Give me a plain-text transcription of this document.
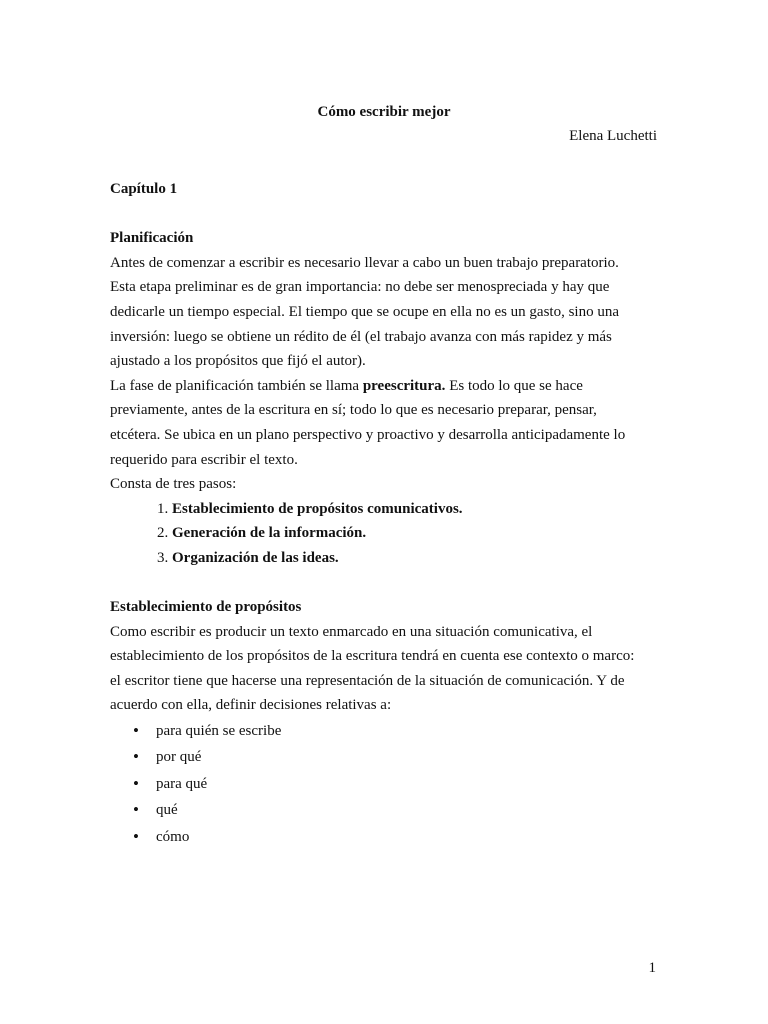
Cómo escribir mejor
Elena Luchetti
Capítulo 1
Planificación
Antes de comenzar a escribir es necesario llevar a cabo un buen trabajo preparatorio.
Esta etapa preliminar es de gran importancia: no debe ser menospreciada y hay que
dedicarle un tiempo especial. El tiempo que se ocupe en ella no es un gasto, sino una
inversión: luego se obtiene un rédito de él (el trabajo avanza con más rapidez y más
ajustado a los propósitos que fijó el autor).
La fase de planificación también se llama preescritura. Es todo lo que se hace
previamente, antes de la escritura en sí; todo lo que es necesario preparar, pensar,
etcétera. Se ubica en un plano perspectivo y proactivo y desarrolla anticipadamente lo
requerido para escribir el texto.
Consta de tres pasos:
1. Establecimiento de propósitos comunicativos.
2. Generación de la información.
3. Organización de las ideas.
Establecimiento de propósitos
Como escribir es producir un texto enmarcado en una situación comunicativa, el
establecimiento de los propósitos de la escritura tendrá en cuenta ese contexto o marco:
el escritor tiene que hacerse una representación de la situación de comunicación. Y de
acuerdo con ella, definir decisiones relativas a:
• para quién se escribe
• por qué
• para qué
• qué
• cómo
1
